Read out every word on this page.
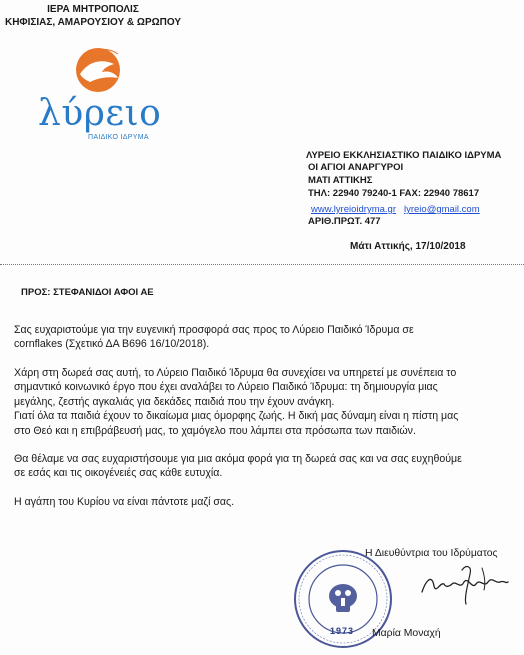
ΙΕΡΑ ΜΗΤΡΟΠΟΛΙΣ
ΚΗΦΙΣΙΑΣ, ΑΜΑΡΟΥΣΙΟΥ & ΩΡΩΠΟΥ
λύρειο
ΠΑΙΔΙΚΟ ΙΔΡΥΜΑ
ΛΥΡΕΙΟ ΕΚΚΛΗΣΙΑΣΤΙΚΟ ΠΑΙΔΙΚΟ ΙΔΡΥΜΑ
ΟΙ ΑΓΙΟΙ ΑΝΑΡΓΥΡΟΙ
ΜΑΤΙ ΑΤΤΙΚΗΣ
ΤΗΛ: 22940 79240-1 FAX: 22940 78617
www.lyreioidryma.gr lyreio@gmail.com
ΑΡΙΘ.ΠΡΩΤ. 477
Μάτι Αττικής, 17/10/2018
ΠΡΟΣ: ΣΤΕΦΑΝΙΔΟΙ ΑΦΟΙ ΑΕ
Σας ευχαριστούμε για την ευγενική προσφορά σας προς το Λύρειο Παιδικό Ίδρυμα σε
cornflakes (Σχετικό ΔΑ Β696 16/10/2018).
Χάρη στη δωρεά σας αυτή, το Λύρειο Παιδικό Ίδρυμα θα συνεχίσει να υπηρετεί με συνέπεια το
σημαντικό κοινωνικό έργο που έχει αναλάβει το Λύρειο Παιδικό Ίδρυμα: τη δημιουργία μιας
μεγάλης, ζεστής αγκαλιάς για δεκάδες παιδιά που την έχουν ανάγκη.
Γιατί όλα τα παιδιά έχουν το δικαίωμα μιας όμορφης ζωής. Η δική μας δύναμη είναι η πίστη μας
στο Θεό και η επιβράβευσή μας, το χαμόγελο που λάμπει στα πρόσωπα των παιδιών.
Θα θέλαμε να σας ευχαριστήσουμε για μια ακόμα φορά για τη δωρεά σας και να σας ευχηθούμε
σε εσάς και τις οικογένειές σας κάθε ευτυχία.
Η αγάπη του Κυρίου να είναι πάντοτε μαζί σας.
1973
Η Διευθύντρια του Ιδρύματος
Μαρία Μοναχή
